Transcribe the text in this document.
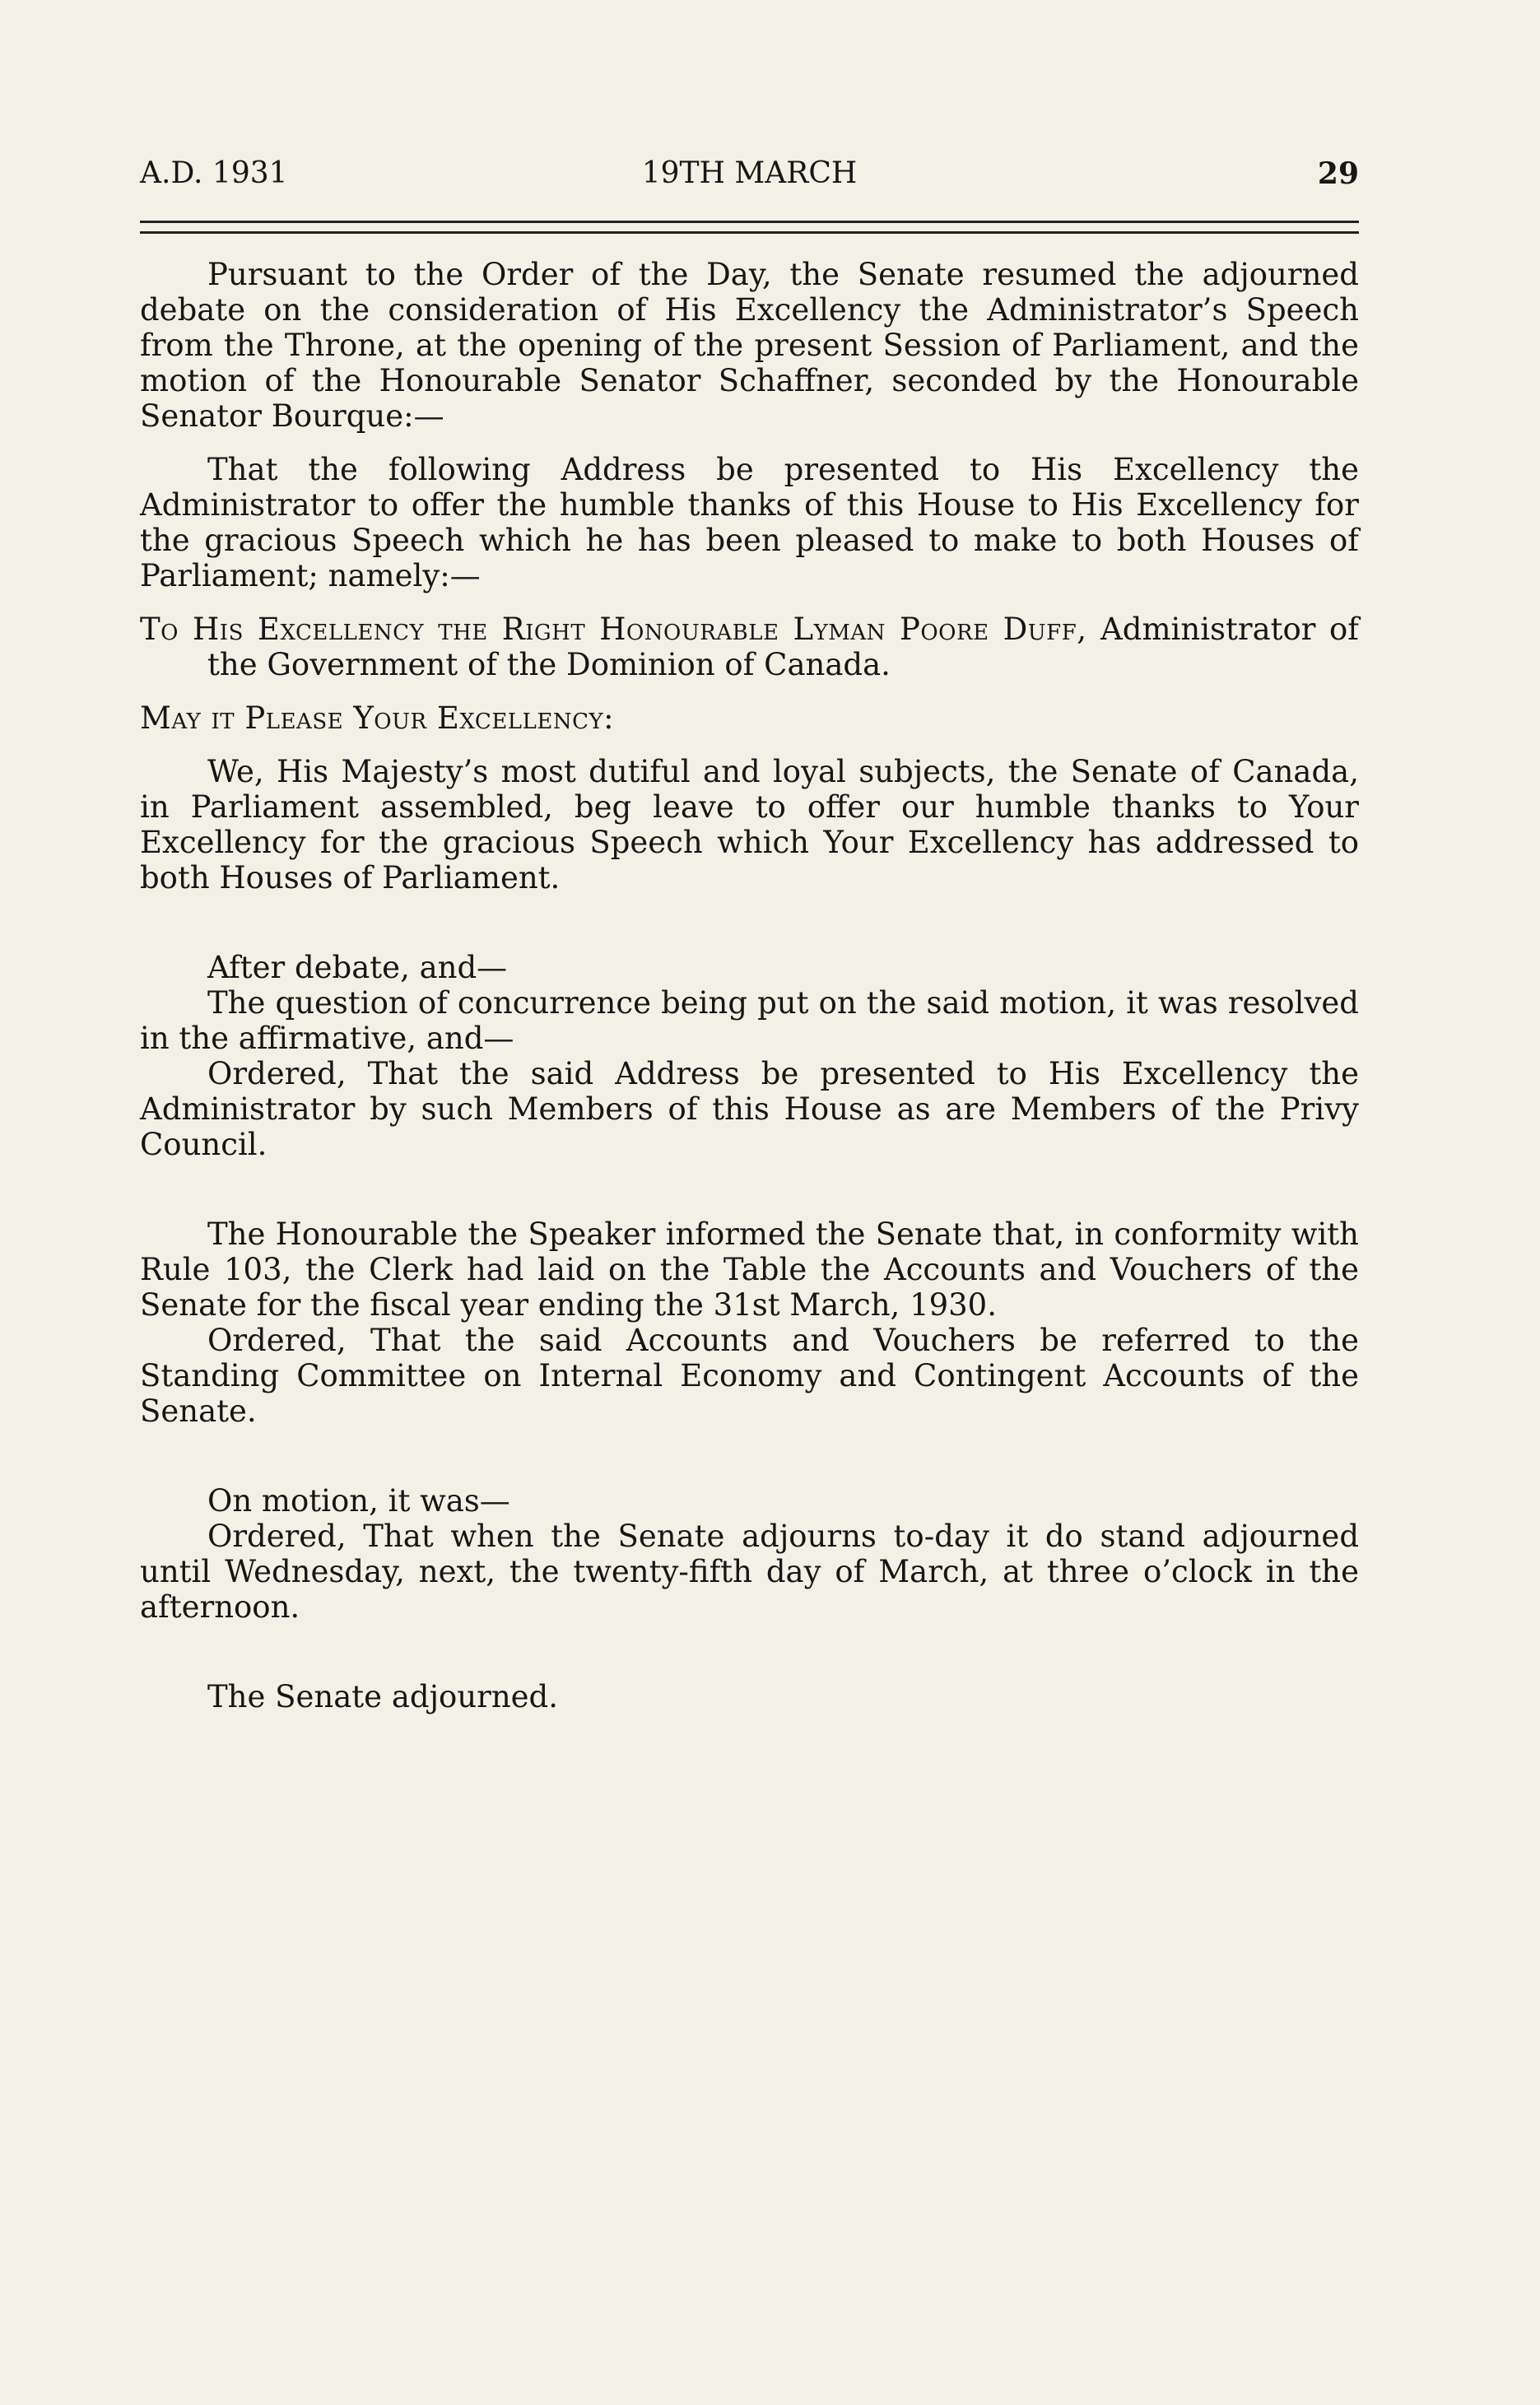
A.D. 1931	19TH MARCH	29

Pursuant to the Order of the Day, the Senate resumed the adjourned debate on the consideration of His Excellency the Administrator’s Speech from the Throne, at the opening of the present Session of Parliament, and the motion of the Honourable Senator Schaffner, seconded by the Honourable Senator Bourque:—

That the following Address be presented to His Excellency the Administrator to offer the humble thanks of this House to His Excellency for the gracious Speech which he has been pleased to make to both Houses of Parliament; namely:—

To His Excellency the Right Honourable Lyman Poore Duff, Administrator of the Government of the Dominion of Canada.

May it Please Your Excellency:

We, His Majesty’s most dutiful and loyal subjects, the Senate of Canada, in Parliament assembled, beg leave to offer our humble thanks to Your Excellency for the gracious Speech which Your Excellency has addressed to both Houses of Parliament.

After debate, and—

The question of concurrence being put on the said motion, it was resolved in the affirmative, and—

Ordered, That the said Address be presented to His Excellency the Administrator by such Members of this House as are Members of the Privy Council.

The Honourable the Speaker informed the Senate that, in conformity with Rule 103, the Clerk had laid on the Table the Accounts and Vouchers of the Senate for the fiscal year ending the 31st March, 1930.

Ordered, That the said Accounts and Vouchers be referred to the Standing Committee on Internal Economy and Contingent Accounts of the Senate.

On motion, it was—

Ordered, That when the Senate adjourns to-day it do stand adjourned until Wednesday, next, the twenty-fifth day of March, at three o’clock in the afternoon.

The Senate adjourned.
